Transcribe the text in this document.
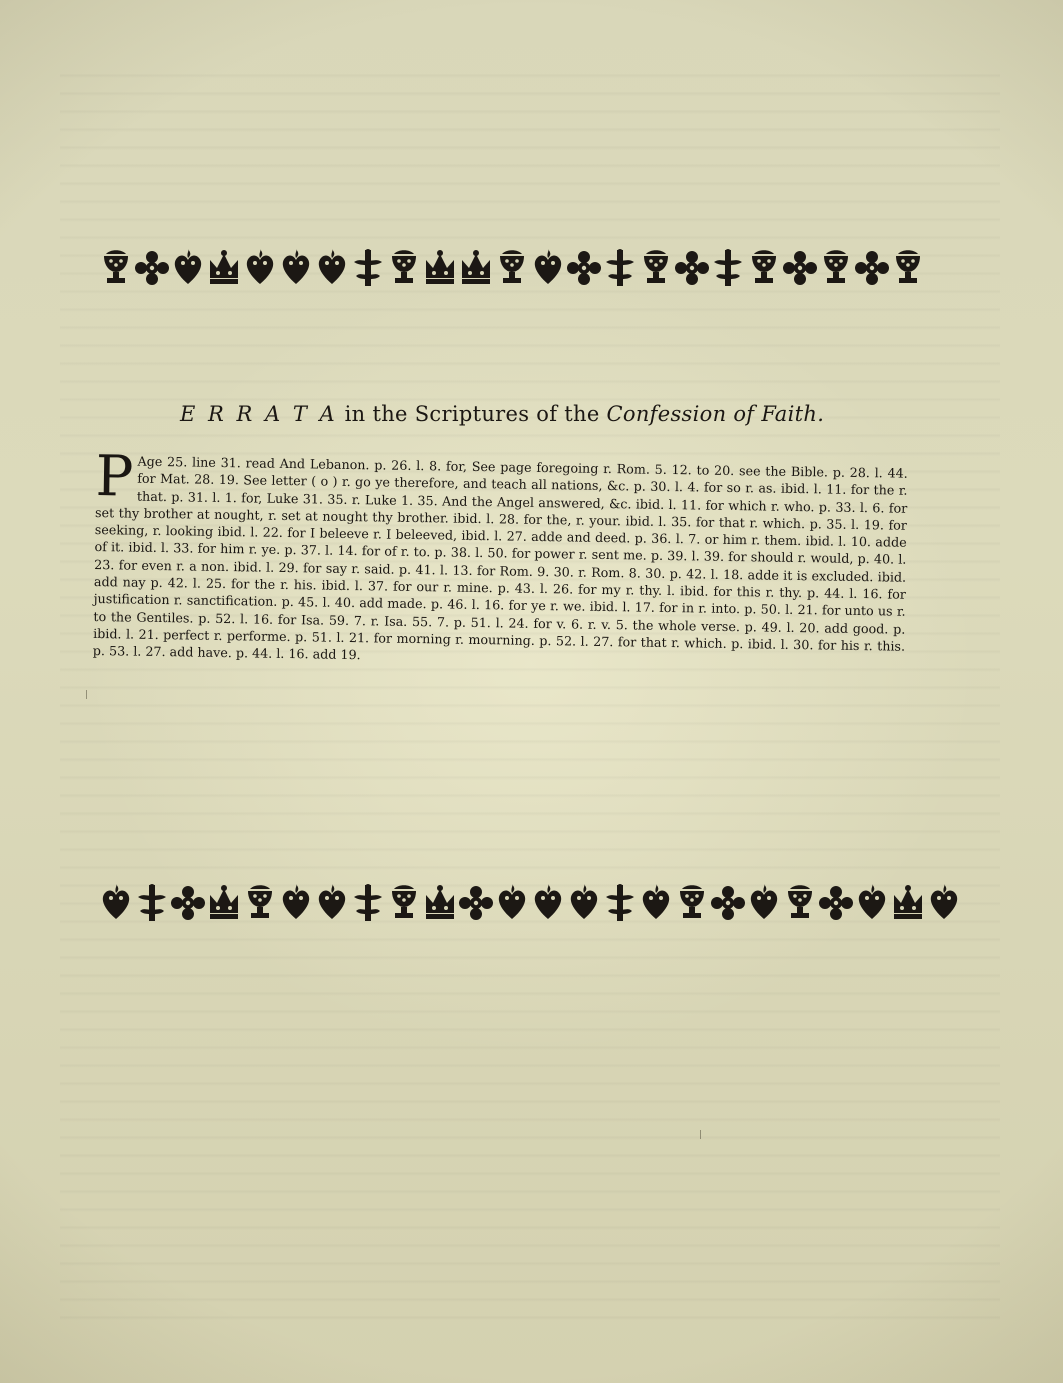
E R R A T A in the Scriptures of the Confession of Faith.
P Age 25. line 31. read And Lebanon. p. 26. l. 8. for, See page foregoing r. Rom. 5. 12. to 20. see the Bible. p. 28. l. 44. for Mat. 28. 19. See letter ( o ) r. go ye therefore, and teach all nations, &c. p. 30. l. 4. for so r. as. ibid. l. 11. for the r. that. p. 31. l. 1. for, Luke 31. 35. r. Luke 1. 35. And the Angel answered, &c. ibid. l. 11. for which r. who. p. 33. l. 6. for set thy brother at nought, r. set at nought thy brother. ibid. l. 28. for the, r. your. ibid. l. 35. for that r. which. p. 35. l. 19. for seeking, r. looking ibid. l. 22. for I beleeve r. I beleeved, ibid. l. 27. adde and deed. p. 36. l. 7. or him r. them. ibid. l. 10. adde of it. ibid. l. 33. for him r. ye. p. 37. l. 14. for of r. to. p. 38. l. 50. for power r. sent me. p. 39. l. 39. for should r. would, p. 40. l. 23. for even r. a non. ibid. l. 29. for say r. said. p. 41. l. 13. for Rom. 9. 30. r. Rom. 8. 30. p. 42. l. 18. adde it is excluded. ibid. add nay p. 42. l. 25. for the r. his. ibid. l. 37. for our r. mine. p. 43. l. 26. for my r. thy. l. ibid. for this r. thy. p. 44. l. 16. for justification r. sanctification. p. 45. l. 40. add made. p. 46. l. 16. for ye r. we. ibid. l. 17. for in r. into. p. 50. l. 21. for unto us r. to the Gentiles. p. 52. l. 16. for Isa. 59. 7. r. Isa. 55. 7. p. 51. l. 24. for v. 6. r. v. 5. the whole verse. p. 49. l. 20. add good. p. ibid. l. 21. perfect r. performe. p. 51. l. 21. for morning r. mourning. p. 52. l. 27. for that r. which. p. ibid. l. 30. for his r. this. p. 53. l. 27. add have. p. 44. l. 16. add 19.
